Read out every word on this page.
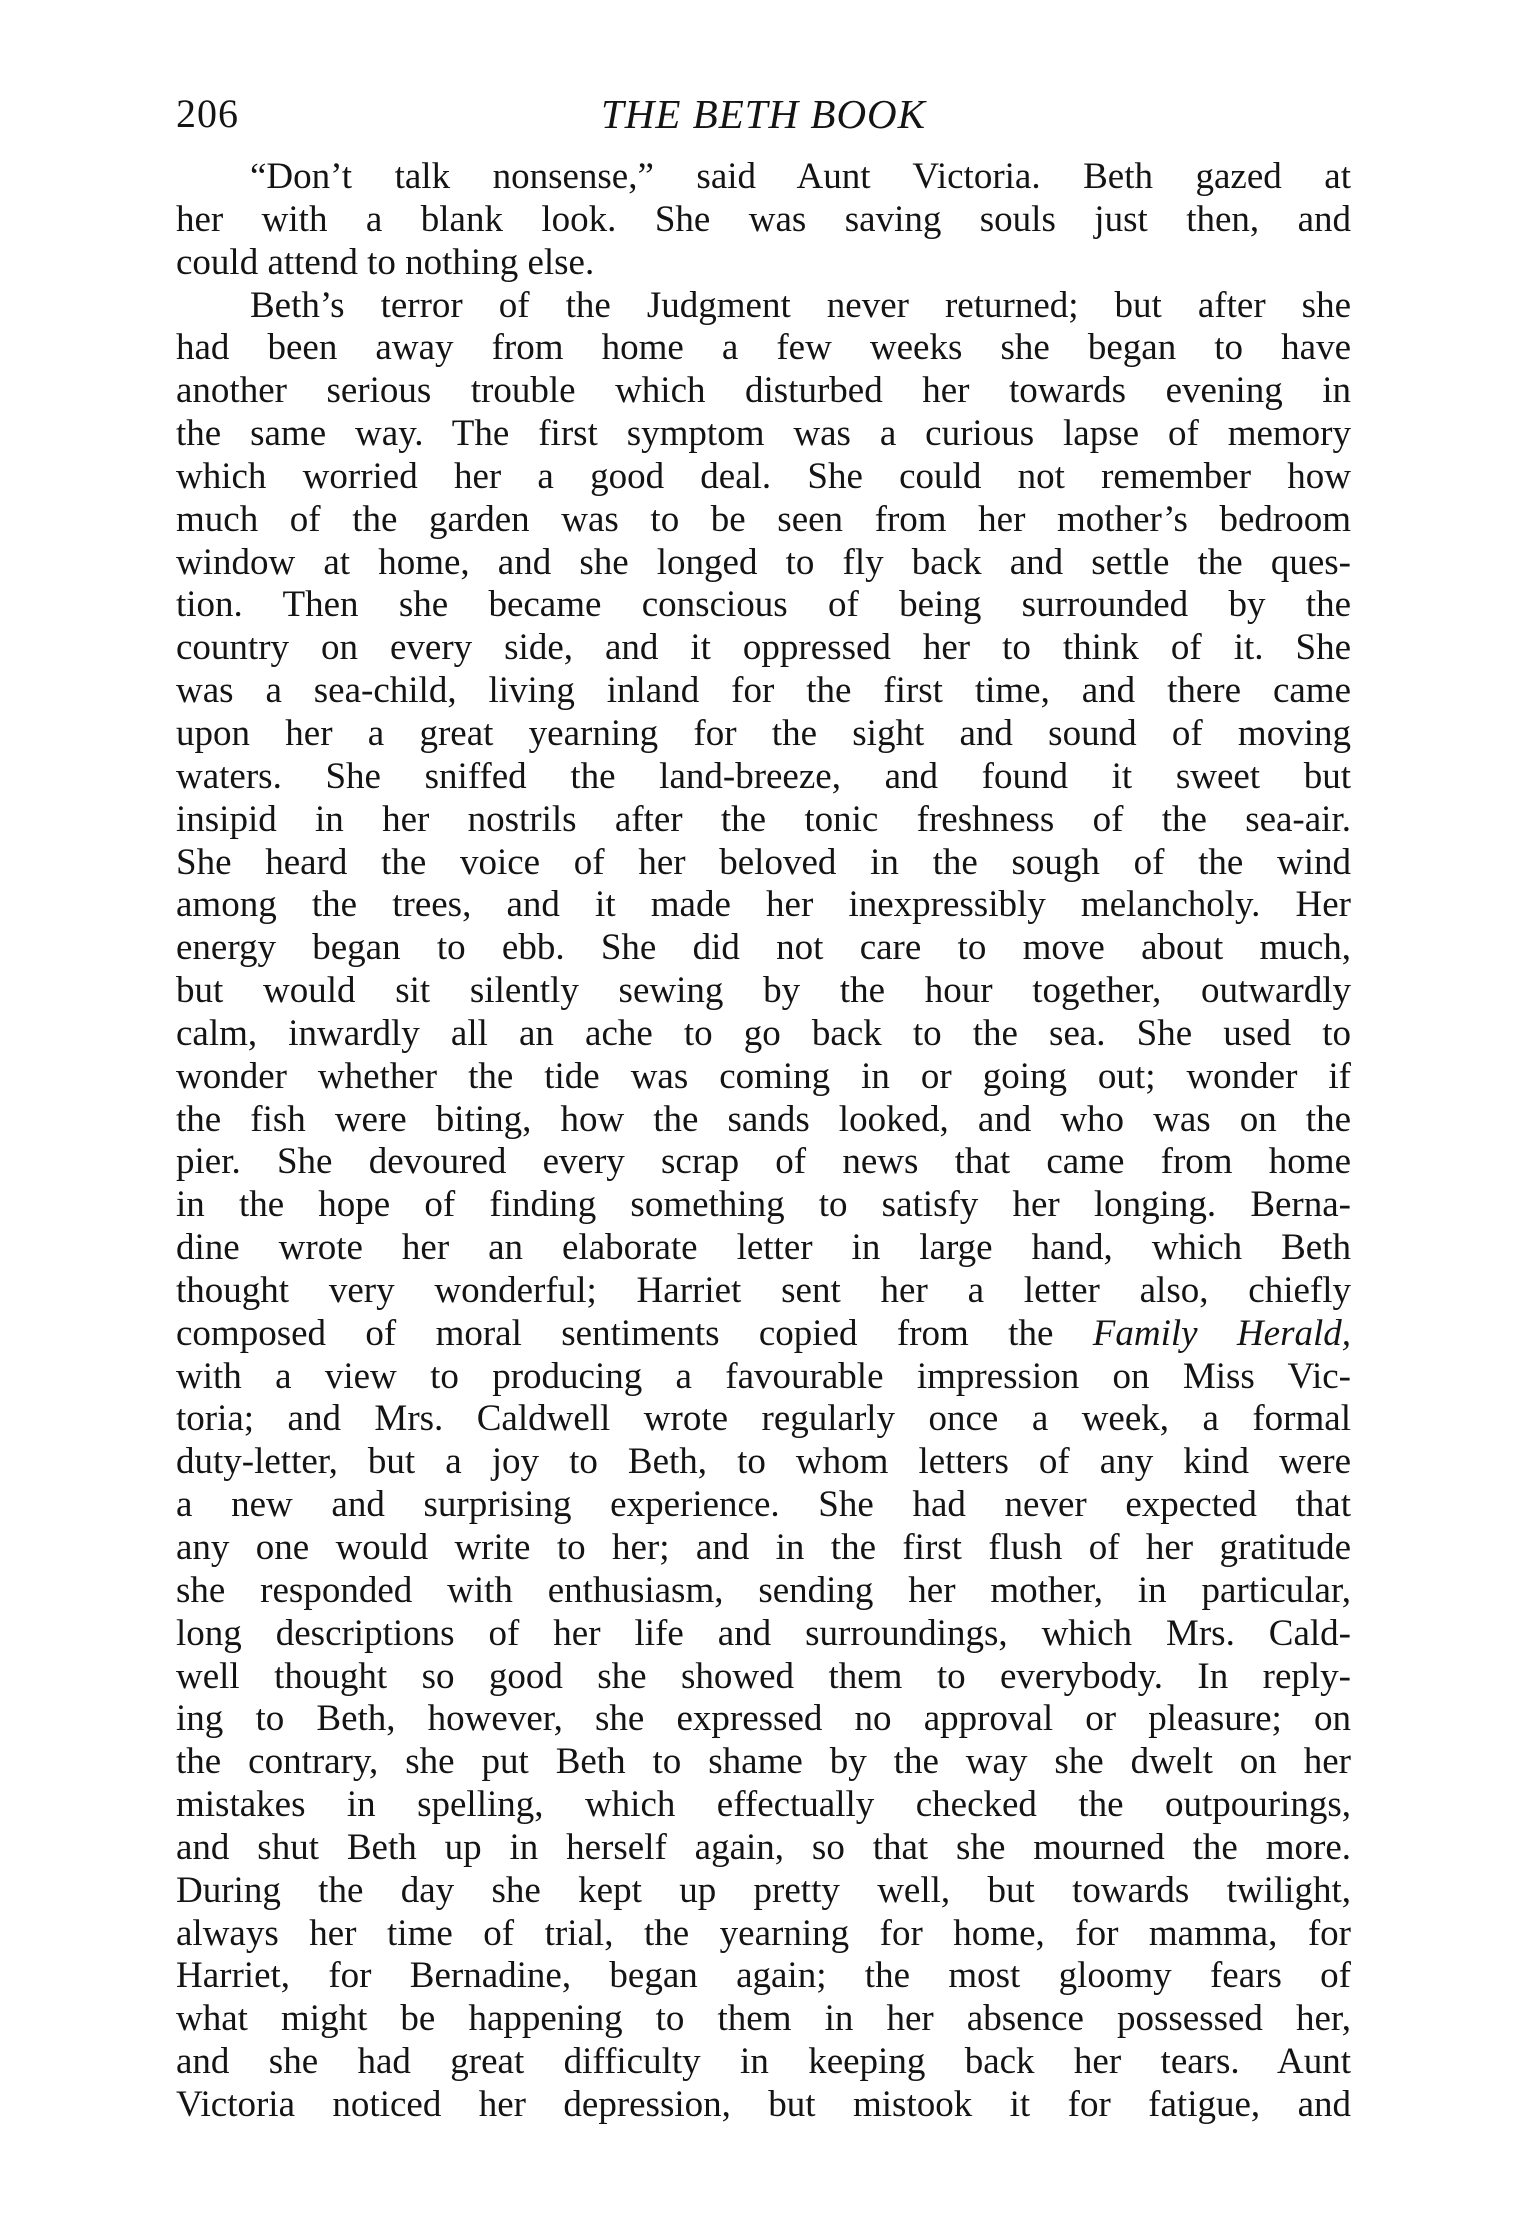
206	THE BETH BOOK
“Don’t talk nonsense,” said Aunt Victoria. Beth gazed at
her with a blank look. She was saving souls just then, and
could attend to nothing else.
Beth’s terror of the Judgment never returned; but after she
had been away from home a few weeks she began to have
another serious trouble which disturbed her towards evening in
the same way. The first symptom was a curious lapse of memory
which worried her a good deal. She could not remember how
much of the garden was to be seen from her mother’s bedroom
window at home, and she longed to fly back and settle the ques-
tion. Then she became conscious of being surrounded by the
country on every side, and it oppressed her to think of it. She
was a sea-child, living inland for the first time, and there came
upon her a great yearning for the sight and sound of moving
waters. She sniffed the land-breeze, and found it sweet but
insipid in her nostrils after the tonic freshness of the sea-air.
She heard the voice of her beloved in the sough of the wind
among the trees, and it made her inexpressibly melancholy. Her
energy began to ebb. She did not care to move about much,
but would sit silently sewing by the hour together, outwardly
calm, inwardly all an ache to go back to the sea. She used to
wonder whether the tide was coming in or going out; wonder if
the fish were biting, how the sands looked, and who was on the
pier. She devoured every scrap of news that came from home
in the hope of finding something to satisfy her longing. Berna-
dine wrote her an elaborate letter in large hand, which Beth
thought very wonderful; Harriet sent her a letter also, chiefly
composed of moral sentiments copied from the Family Herald,
with a view to producing a favourable impression on Miss Vic-
toria; and Mrs. Caldwell wrote regularly once a week, a formal
duty-letter, but a joy to Beth, to whom letters of any kind were
a new and surprising experience. She had never expected that
any one would write to her; and in the first flush of her gratitude
she responded with enthusiasm, sending her mother, in particular,
long descriptions of her life and surroundings, which Mrs. Cald-
well thought so good she showed them to everybody. In reply-
ing to Beth, however, she expressed no approval or pleasure; on
the contrary, she put Beth to shame by the way she dwelt on her
mistakes in spelling, which effectually checked the outpourings,
and shut Beth up in herself again, so that she mourned the more.
During the day she kept up pretty well, but towards twilight,
always her time of trial, the yearning for home, for mamma, for
Harriet, for Bernadine, began again; the most gloomy fears of
what might be happening to them in her absence possessed her,
and she had great difficulty in keeping back her tears. Aunt
Victoria noticed her depression, but mistook it for fatigue, and
